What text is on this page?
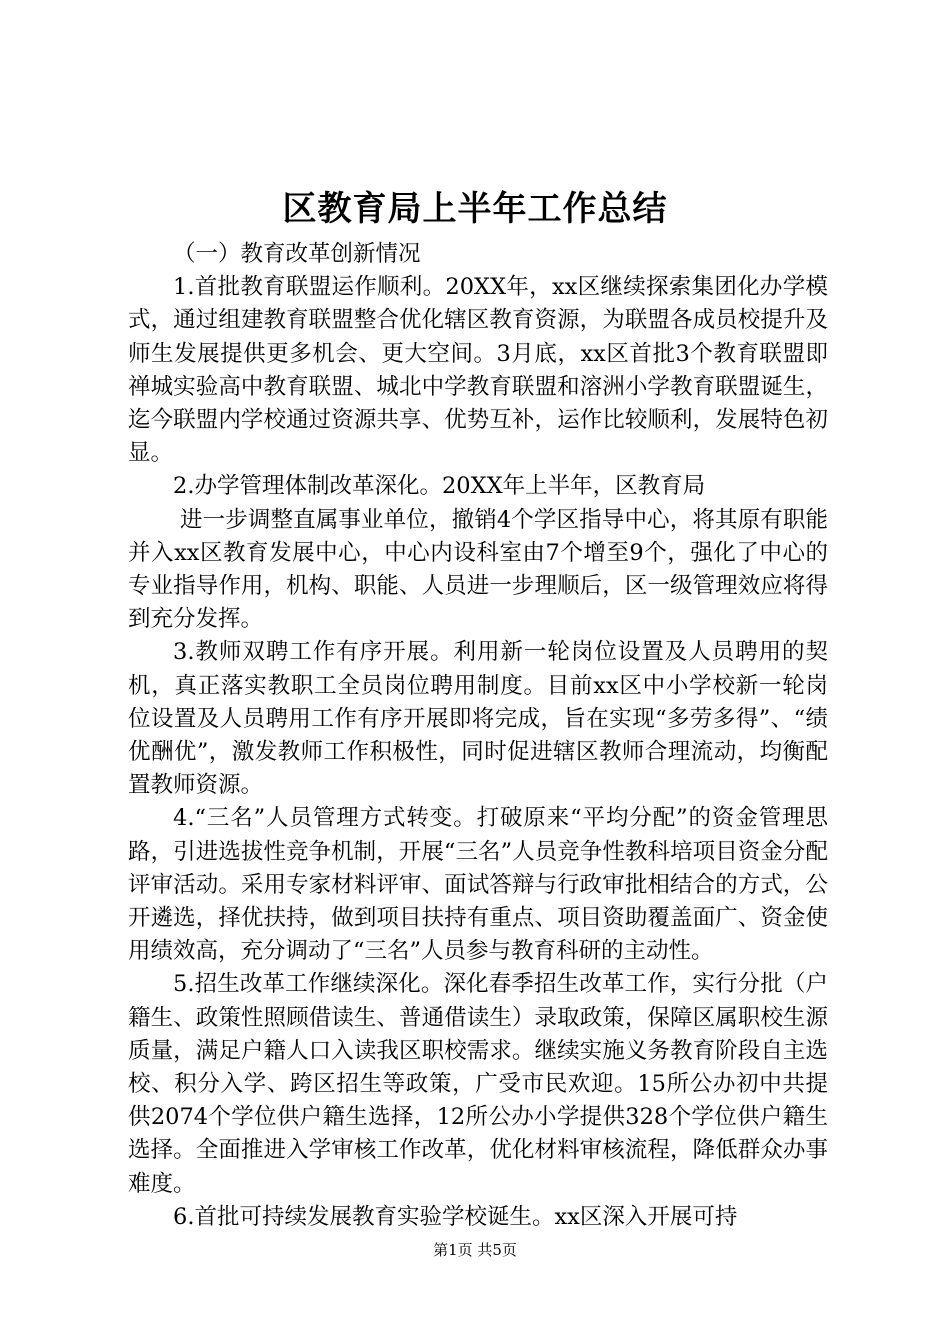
区教育局上半年工作总结

（一）教育改革创新情况

1.首批教育联盟运作顺利。20XX年，xx区继续探索集团化办学模式，通过组建教育联盟整合优化辖区教育资源，为联盟各成员校提升及师生发展提供更多机会、更大空间。3月底，xx区首批3个教育联盟即禅城实验高中教育联盟、城北中学教育联盟和溶洲小学教育联盟诞生，迄今联盟内学校通过资源共享、优势互补，运作比较顺利，发展特色初显。

2.办学管理体制改革深化。20XX年上半年，区教育局

进一步调整直属事业单位，撤销4个学区指导中心，将其原有职能并入xx区教育发展中心，中心内设科室由7个增至9个，强化了中心的专业指导作用，机构、职能、人员进一步理顺后，区一级管理效应将得到充分发挥。

3.教师双聘工作有序开展。利用新一轮岗位设置及人员聘用的契机，真正落实教职工全员岗位聘用制度。目前xx区中小学校新一轮岗位设置及人员聘用工作有序开展即将完成，旨在实现“多劳多得”、“绩优酬优”，激发教师工作积极性，同时促进辖区教师合理流动，均衡配置教师资源。

4.“三名”人员管理方式转变。打破原来“平均分配”的资金管理思路，引进选拔性竞争机制，开展“三名”人员竞争性教科培项目资金分配评审活动。采用专家材料评审、面试答辩与行政审批相结合的方式，公开遴选，择优扶持，做到项目扶持有重点、项目资助覆盖面广、资金使用绩效高，充分调动了“三名”人员参与教育科研的主动性。

5.招生改革工作继续深化。深化春季招生改革工作，实行分批（户籍生、政策性照顾借读生、普通借读生）录取政策，保障区属职校生源质量，满足户籍人口入读我区职校需求。继续实施义务教育阶段自主选校、积分入学、跨区招生等政策，广受市民欢迎。15所公办初中共提供2074个学位供户籍生选择，12所公办小学提供328个学位供户籍生选择。全面推进入学审核工作改革，优化材料审核流程，降低群众办事难度。

6.首批可持续发展教育实验学校诞生。xx区深入开展可持

第1页 共5页
